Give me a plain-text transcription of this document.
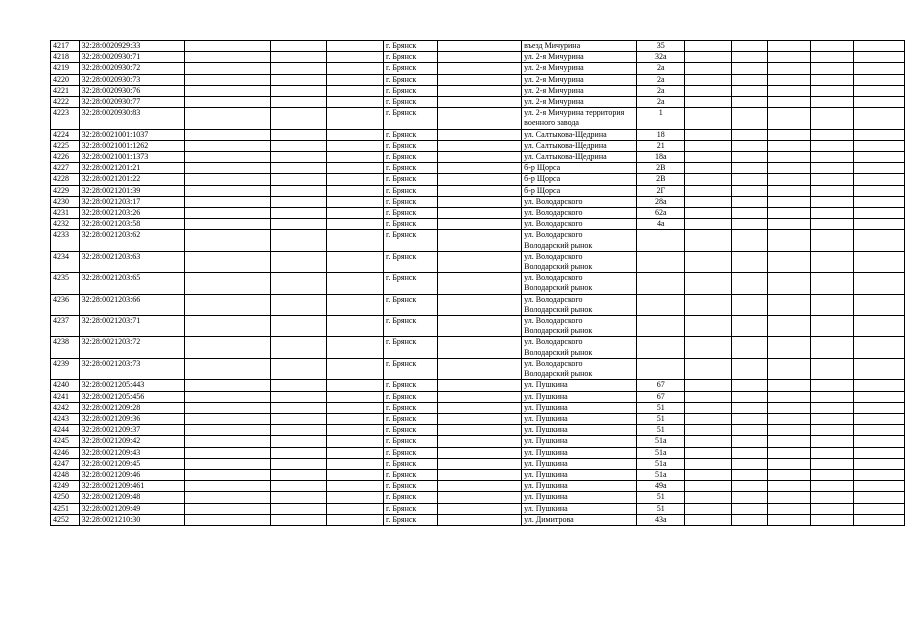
4217	32:28:0020929:33				г. Брянск		въезд Мичурина	35					
4218	32:28:0020930:71				г. Брянск		ул. 2-я Мичурина	32а					
4219	32:28:0020930:72				г. Брянск		ул. 2-я Мичурина	2а					
4220	32:28:0020930:73				г. Брянск		ул. 2-я Мичурина	2а					
4221	32:28:0020930:76				г. Брянск		ул. 2-я Мичурина	2а					
4222	32:28:0020930:77				г. Брянск		ул. 2-я Мичурина	2а					
4223	32:28:0020930:83				г. Брянск		ул. 2-я Мичурина территория
военного завода	1					
4224	32:28:0021001:1037				г. Брянск		ул. Салтыкова-Щедрина	18					
4225	32:28:0021001:1262				г. Брянск		ул. Салтыкова-Щедрина	21					
4226	32:28:0021001:1373				г. Брянск		ул. Салтыкова-Щедрина	18а					
4227	32:28:0021201:21				г. Брянск		б-р Щорса	2В					
4228	32:28:0021201:22				г. Брянск		б-р Щорса	2В					
4229	32:28:0021201:39				г. Брянск		б-р Щорса	2Г					
4230	32:28:0021203:17				г. Брянск		ул. Володарского	28а					
4231	32:28:0021203:26				г. Брянск		ул. Володарского	62а					
4232	32:28:0021203:58				г. Брянск		ул. Володарского	4а					
4233	32:28:0021203:62				г. Брянск		ул. Володарского
Володарский рынок						

4234	32:28:0021203:63				г. Брянск		ул. Володарского
Володарский рынок						

4235	32:28:0021203:65				г. Брянск		ул. Володарского
Володарский рынок						

4236	32:28:0021203:66				г. Брянск		ул. Володарского
Володарский рынок						

4237	32:28:0021203:71				г. Брянск		ул. Володарского
Володарский рынок						

4238	32:28:0021203:72				г. Брянск		ул. Володарского
Володарский рынок						

4239	32:28:0021203:73				г. Брянск		ул. Володарского
Володарский рынок						

4240	32:28:0021205:443				г. Брянск		ул. Пушкина	67					
4241	32:28:0021205:456				г. Брянск		ул. Пушкина	67					
4242	32:28:0021209:28				г. Брянск		ул. Пушкина	51					
4243	32:28:0021209:36				г. Брянск		ул. Пушкина	51					
4244	32:28:0021209:37				г. Брянск		ул. Пушкина	51					
4245	32:28:0021209:42				г. Брянск		ул. Пушкина	51а					
4246	32:28:0021209:43				г. Брянск		ул. Пушкина	51а					
4247	32:28:0021209:45				г. Брянск		ул. Пушкина	51а					
4248	32:28:0021209:46				г. Брянск		ул. Пушкина	51а					
4249	32:28:0021209:461				г. Брянск		ул. Пушкина	49а					
4250	32:28:0021209:48				г. Брянск		ул. Пушкина	51					
4251	32:28:0021209:49				г. Брянск		ул. Пушкина	51					
4252	32:28:0021210:30				г. Брянск		ул. Димитрова	43а					
